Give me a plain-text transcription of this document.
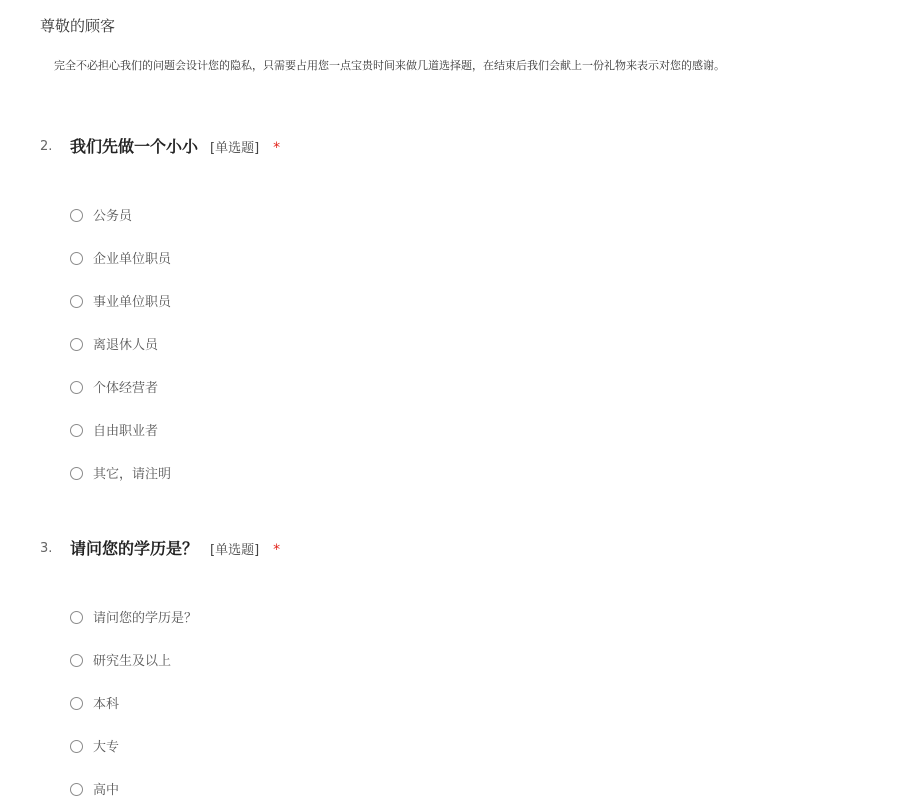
尊敬的顾客
完全不必担心我们的问题会设计您的隐私，只需要占用您一点宝贵时间来做几道选择题，在结束后我们会献上一份礼物来表示对您的感谢。
2. 我们先做一个小小 [单选题] *
公务员
企业单位职员
事业单位职员
离退休人员
个体经营者
自由职业者
其它，请注明
3. 请问您的学历是？ [单选题] *
请问您的学历是？
研究生及以上
本科
大专
高中
